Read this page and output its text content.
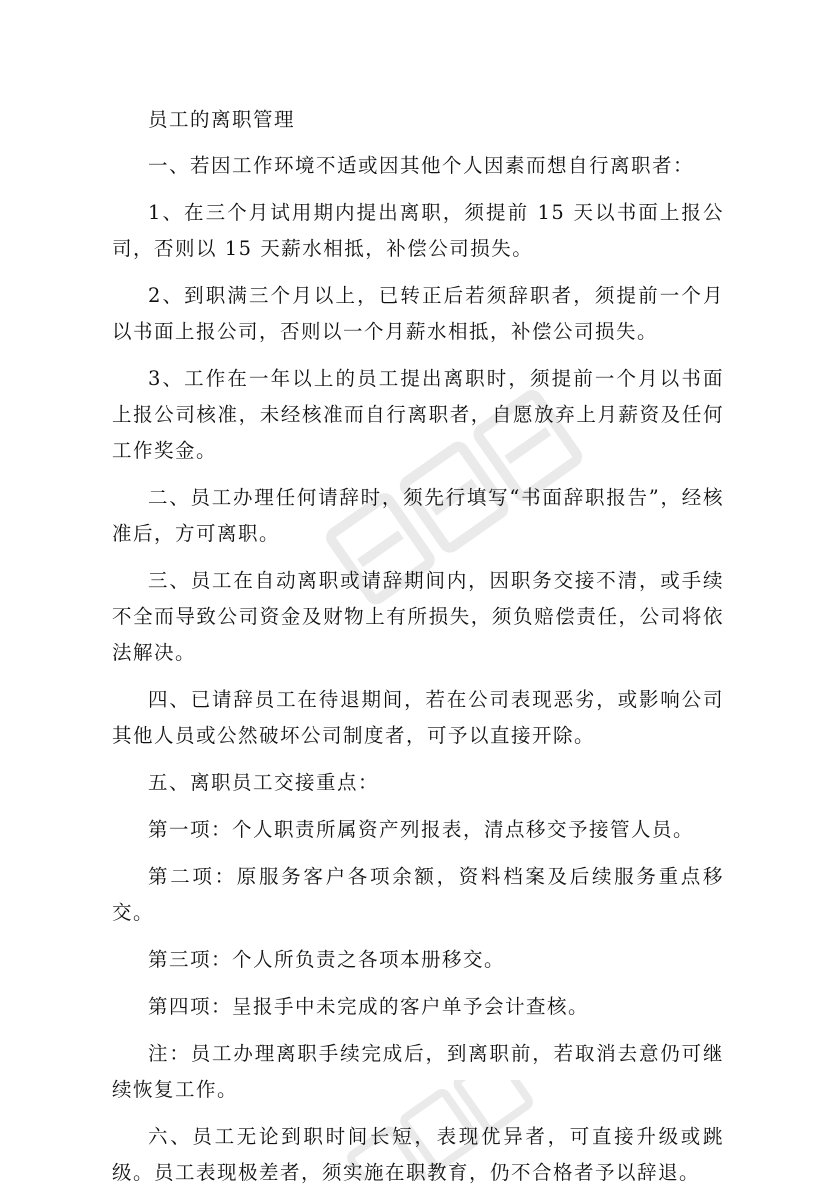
员工的离职管理

一、若因工作环境不适或因其他个人因素而想自行离职者：

1、在三个月试用期内提出离职，须提前 15 天以书面上报公司，否则以 15 天薪水相抵，补偿公司损失。

2、到职满三个月以上，已转正后若须辞职者，须提前一个月以书面上报公司，否则以一个月薪水相抵，补偿公司损失。

3、工作在一年以上的员工提出离职时，须提前一个月以书面上报公司核准，未经核准而自行离职者，自愿放弃上月薪资及任何工作奖金。

二、员工办理任何请辞时，须先行填写“书面辞职报告”，经核准后，方可离职。

三、员工在自动离职或请辞期间内，因职务交接不清，或手续不全而导致公司资金及财物上有所损失，须负赔偿责任，公司将依法解决。

四、已请辞员工在待退期间，若在公司表现恶劣，或影响公司其他人员或公然破坏公司制度者，可予以直接开除。

五、离职员工交接重点：

第一项：个人职责所属资产列报表，清点移交予接管人员。

第二项：原服务客户各项余额，资料档案及后续服务重点移交。

第三项：个人所负责之各项本册移交。

第四项：呈报手中未完成的客户单予会计查核。

注：员工办理离职手续完成后，到离职前，若取消去意仍可继续恢复工作。

六、员工无论到职时间长短，表现优异者，可直接升级或跳级。员工表现极差者，须实施在职教育，仍不合格者予以辞退。
